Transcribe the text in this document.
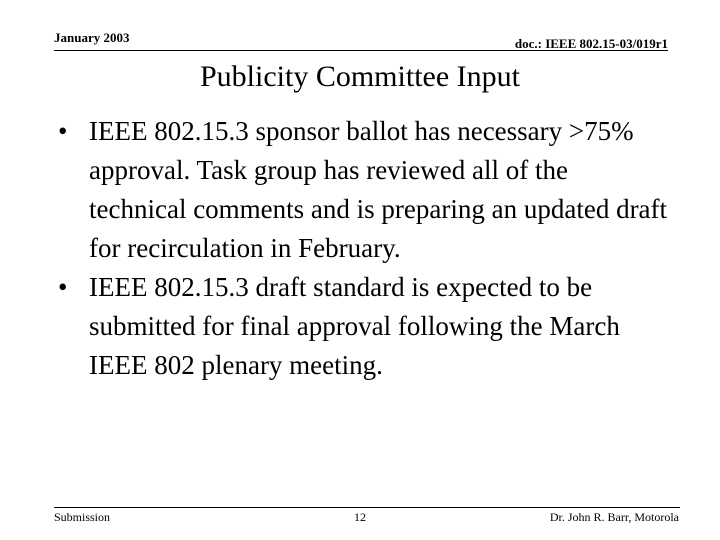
January 2003	doc.: IEEE 802.15-03/019r1
Publicity Committee Input
• IEEE 802.15.3 sponsor ballot has necessary >75% approval. Task group has reviewed all of the technical comments and is preparing an updated draft for recirculation in February.
• IEEE 802.15.3 draft standard is expected to be submitted for final approval following the March IEEE 802 plenary meeting.
Submission	12	Dr. John R. Barr, Motorola
